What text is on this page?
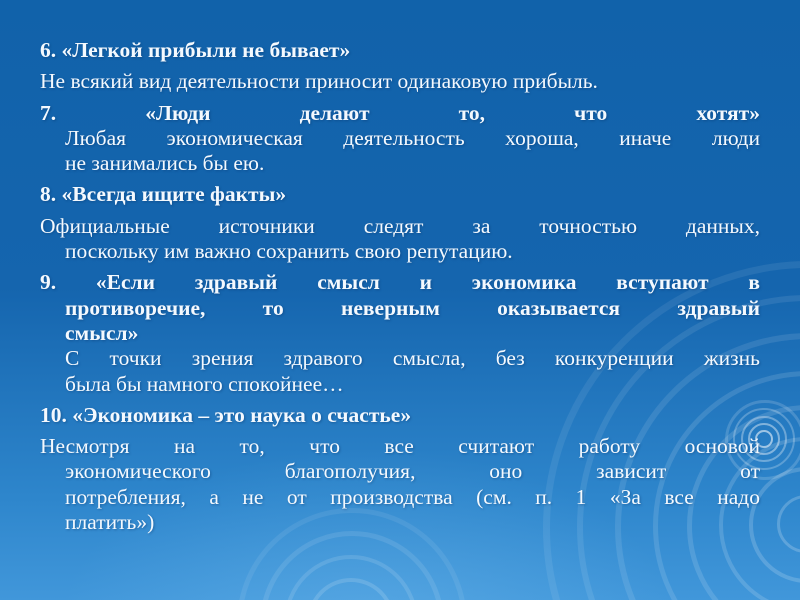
6. «Легкой прибыли не бывает»
Не всякий вид деятельности приносит одинаковую прибыль.
7. «Люди делают то, что хотят»
Любая экономическая деятельность хороша, иначе люди
не занимались бы ею.
8. «Всегда ищите факты»
Официальные источники следят за точностью данных,
поскольку им важно сохранить свою репутацию.
9. «Если здравый смысл и экономика вступают в
противоречие, то неверным оказывается здравый
смысл»
С точки зрения здравого смысла, без конкуренции жизнь
была бы намного спокойнее…
10. «Экономика – это наука о счастье»
Несмотря на то, что все считают работу основой
экономического благополучия, оно зависит от
потребления, а не от производства (см. п. 1 «За все надо
платить»)
